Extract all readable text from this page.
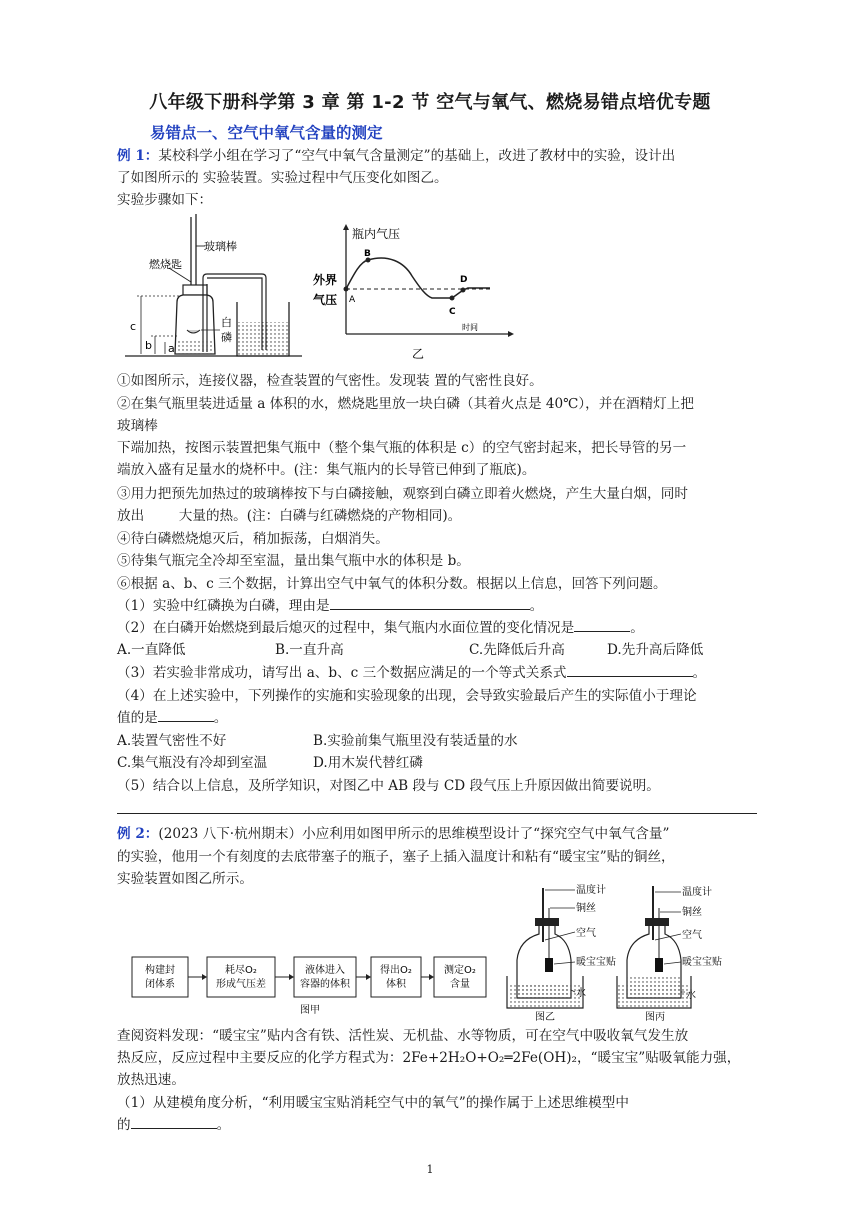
八年级下册科学第 3 章 第 1-2 节 空气与氧气、燃烧易错点培优专题
易错点一、空气中氧气含量的测定
例 1：某校科学小组在学习了“空气中氧气含量测定”的基础上，改进了教材中的实验，设计出
了如图所示的 实验装置。实验过程中气压变化如图乙。
实验步骤如下：
玻璃棒
燃烧匙
白
磷
c
b a
瓶内气压
时间
外界
气压 A
B
C
D
乙
①如图所示，连接仪器，检查装置的气密性。发现装 置的气密性良好。
②在集气瓶里装进适量 a 体积的水，燃烧匙里放一块白磷（其着火点是 40℃），并在酒精灯上把
玻璃棒
下端加热，按图示装置把集气瓶中（整个集气瓶的体积是 c）的空气密封起来，把长导管的另一
端放入盛有足量水的烧杯中。(注：集气瓶内的长导管已伸到了瓶底)。
③用力把预先加热过的玻璃棒按下与白磷接触，观察到白磷立即着火燃烧，产生大量白烟，同时
放出        大量的热。(注：白磷与红磷燃烧的产物相同)。
④待白磷燃烧熄灭后，稍加振荡，白烟消失。
⑤待集气瓶完全冷却至室温，量出集气瓶中水的体积是 b。
⑥根据 a、b、c 三个数据，计算出空气中氧气的体积分数。根据以上信息，回答下列问题。
（1）实验中红磷换为白磷，理由是	。
（2）在白磷开始燃烧到最后熄灭的过程中，集气瓶内水面位置的变化情况是	。
A.一直降低	B.一直升高	C.先降低后升高	D.先升高后降低
（3）若实验非常成功，请写出 a、b、c 三个数据应满足的一个等式关系式	。
（4）在上述实验中，下列操作的实施和实验现象的出现，会导致实验最后产生的实际值小于理论
值的是	。
A.装置气密性不好	B.实验前集气瓶里没有装适量的水
C.集气瓶没有冷却到室温	D.用木炭代替红磷
（5）结合以上信息，及所学知识，对图乙中 AB 段与 CD 段气压上升原因做出简要说明。
例 2：(2023 八下·杭州期末）小应利用如图甲所示的思维模型设计了“探究空气中氧气含量”
的实验，他用一个有刻度的去底带塞子的瓶子，塞子上插入温度计和粘有“暖宝宝”贴的铜丝，
实验装置如图乙所示。
构建封
闭体系
耗尽O₂
形成气压差
液体进入
容器的体积
得出O₂
体积
测定O₂
含量
图甲
温度计
铜丝
空气
暖宝宝贴
水
图乙
温度计
铜丝
空气
暖宝宝贴
水
图丙
查阅资料发现：“暖宝宝”贴内含有铁、活性炭、无机盐、水等物质，可在空气中吸收氧气发生放
热反应，反应过程中主要反应的化学方程式为：2Fe+2H₂O+O₂═2Fe(OH)₂，“暖宝宝”贴吸氧能力强，
放热迅速。
（1）从建模角度分析，“利用暖宝宝贴消耗空气中的氧气”的操作属于上述思维模型中
的	。
1
